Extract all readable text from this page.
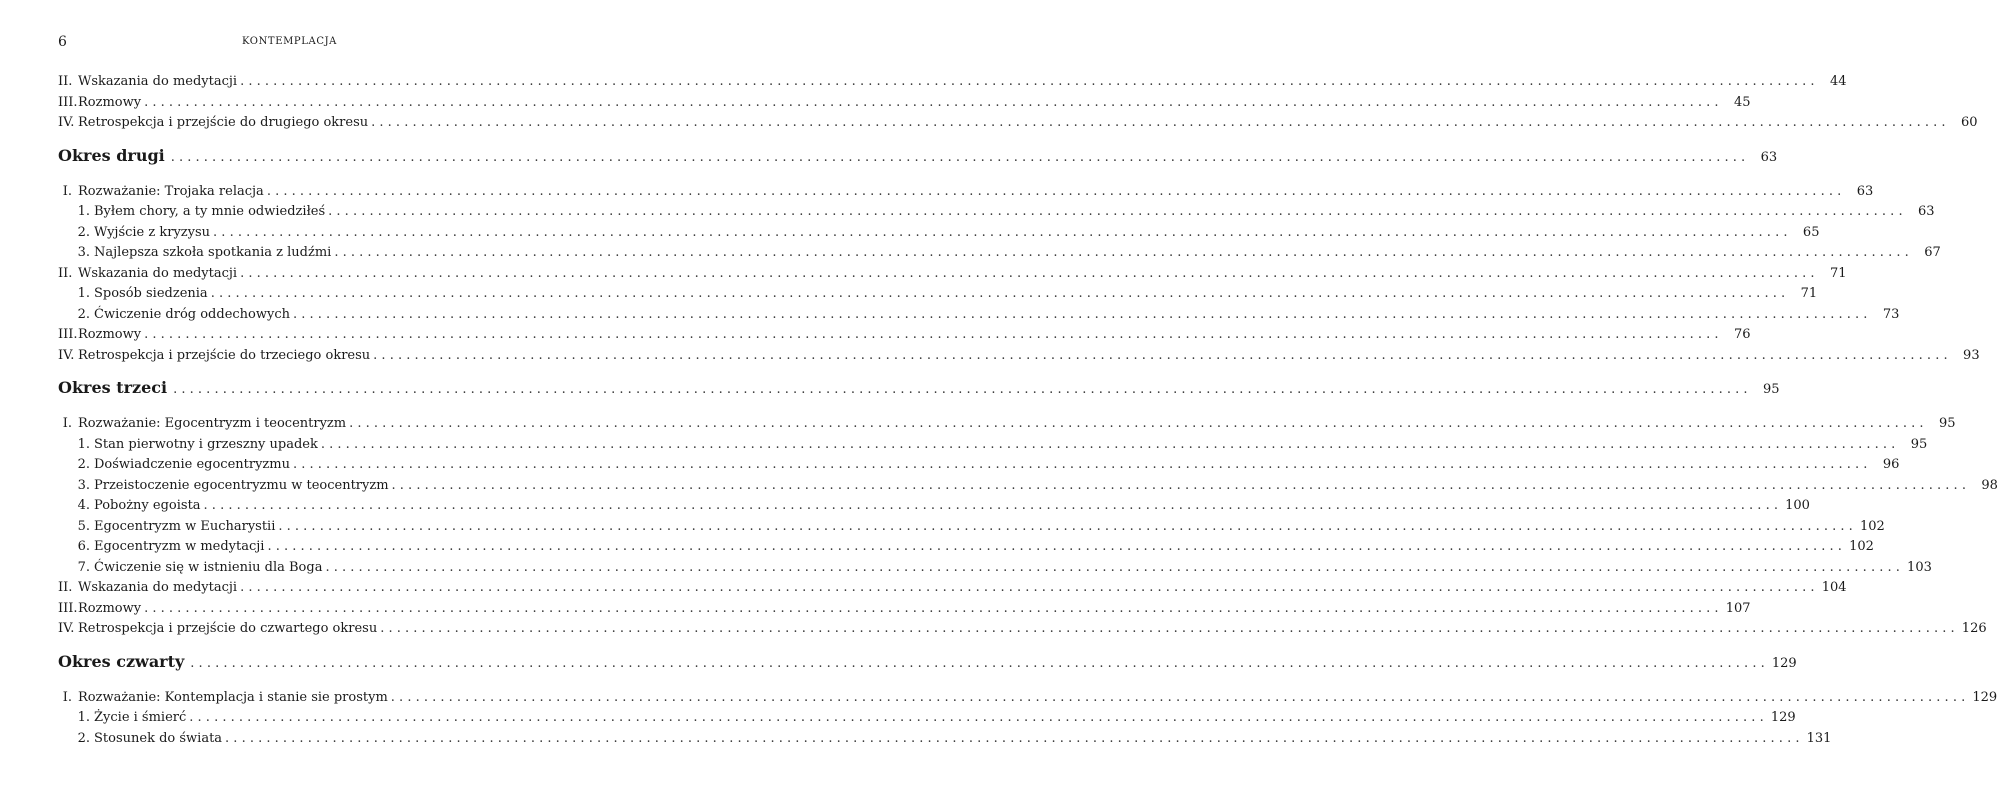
6	KONTEMPLACJA
II. Wskazania do medytacji . . .	44
III. Rozmowy . . .	45
IV. Retrospekcja i przejście do drugiego okresu . . .	60
Okres drugi . . .	63
I. Rozważanie: Trojaka relacja . . .	63
1. Byłem chory, a ty mnie odwiedziłeś . . .	63
2. Wyjście z kryzysu . . .	65
3. Najlepsza szkoła spotkania z ludźmi . . .	67
II. Wskazania do medytacji . . .	71
1. Sposób siedzenia . . .	71
2. Ćwiczenie dróg oddechowych . . .	73
III. Rozmowy . . .	76
IV. Retrospekcja i przejście do trzeciego okresu . . .	93
Okres trzeci . . .	95
I. Rozważanie: Egocentryzm i teocentryzm . . .	95
1. Stan pierwotny i grzeszny upadek . . .	95
2. Doświadczenie egocentryzmu . . .	96
3. Przeistoczenie egocentryzmu w teocentryzm . . .	98
4. Pobożny egoista . . .	100
5. Egocentryzm w Eucharystii . . .	102
6. Egocentryzm w medytacji . . .	102
7. Ćwiczenie się w istnieniu dla Boga . . .	103
II. Wskazania do medytacji . . .	104
III. Rozmowy . . .	107
IV. Retrospekcja i przejście do czwartego okresu . . .	126
Okres czwarty . . .	129
I. Rozważanie: Kontemplacja i stanie sie prostym . . .	129
1. Życie i śmierć . . .	129
2. Stosunek do świata . . .	131
